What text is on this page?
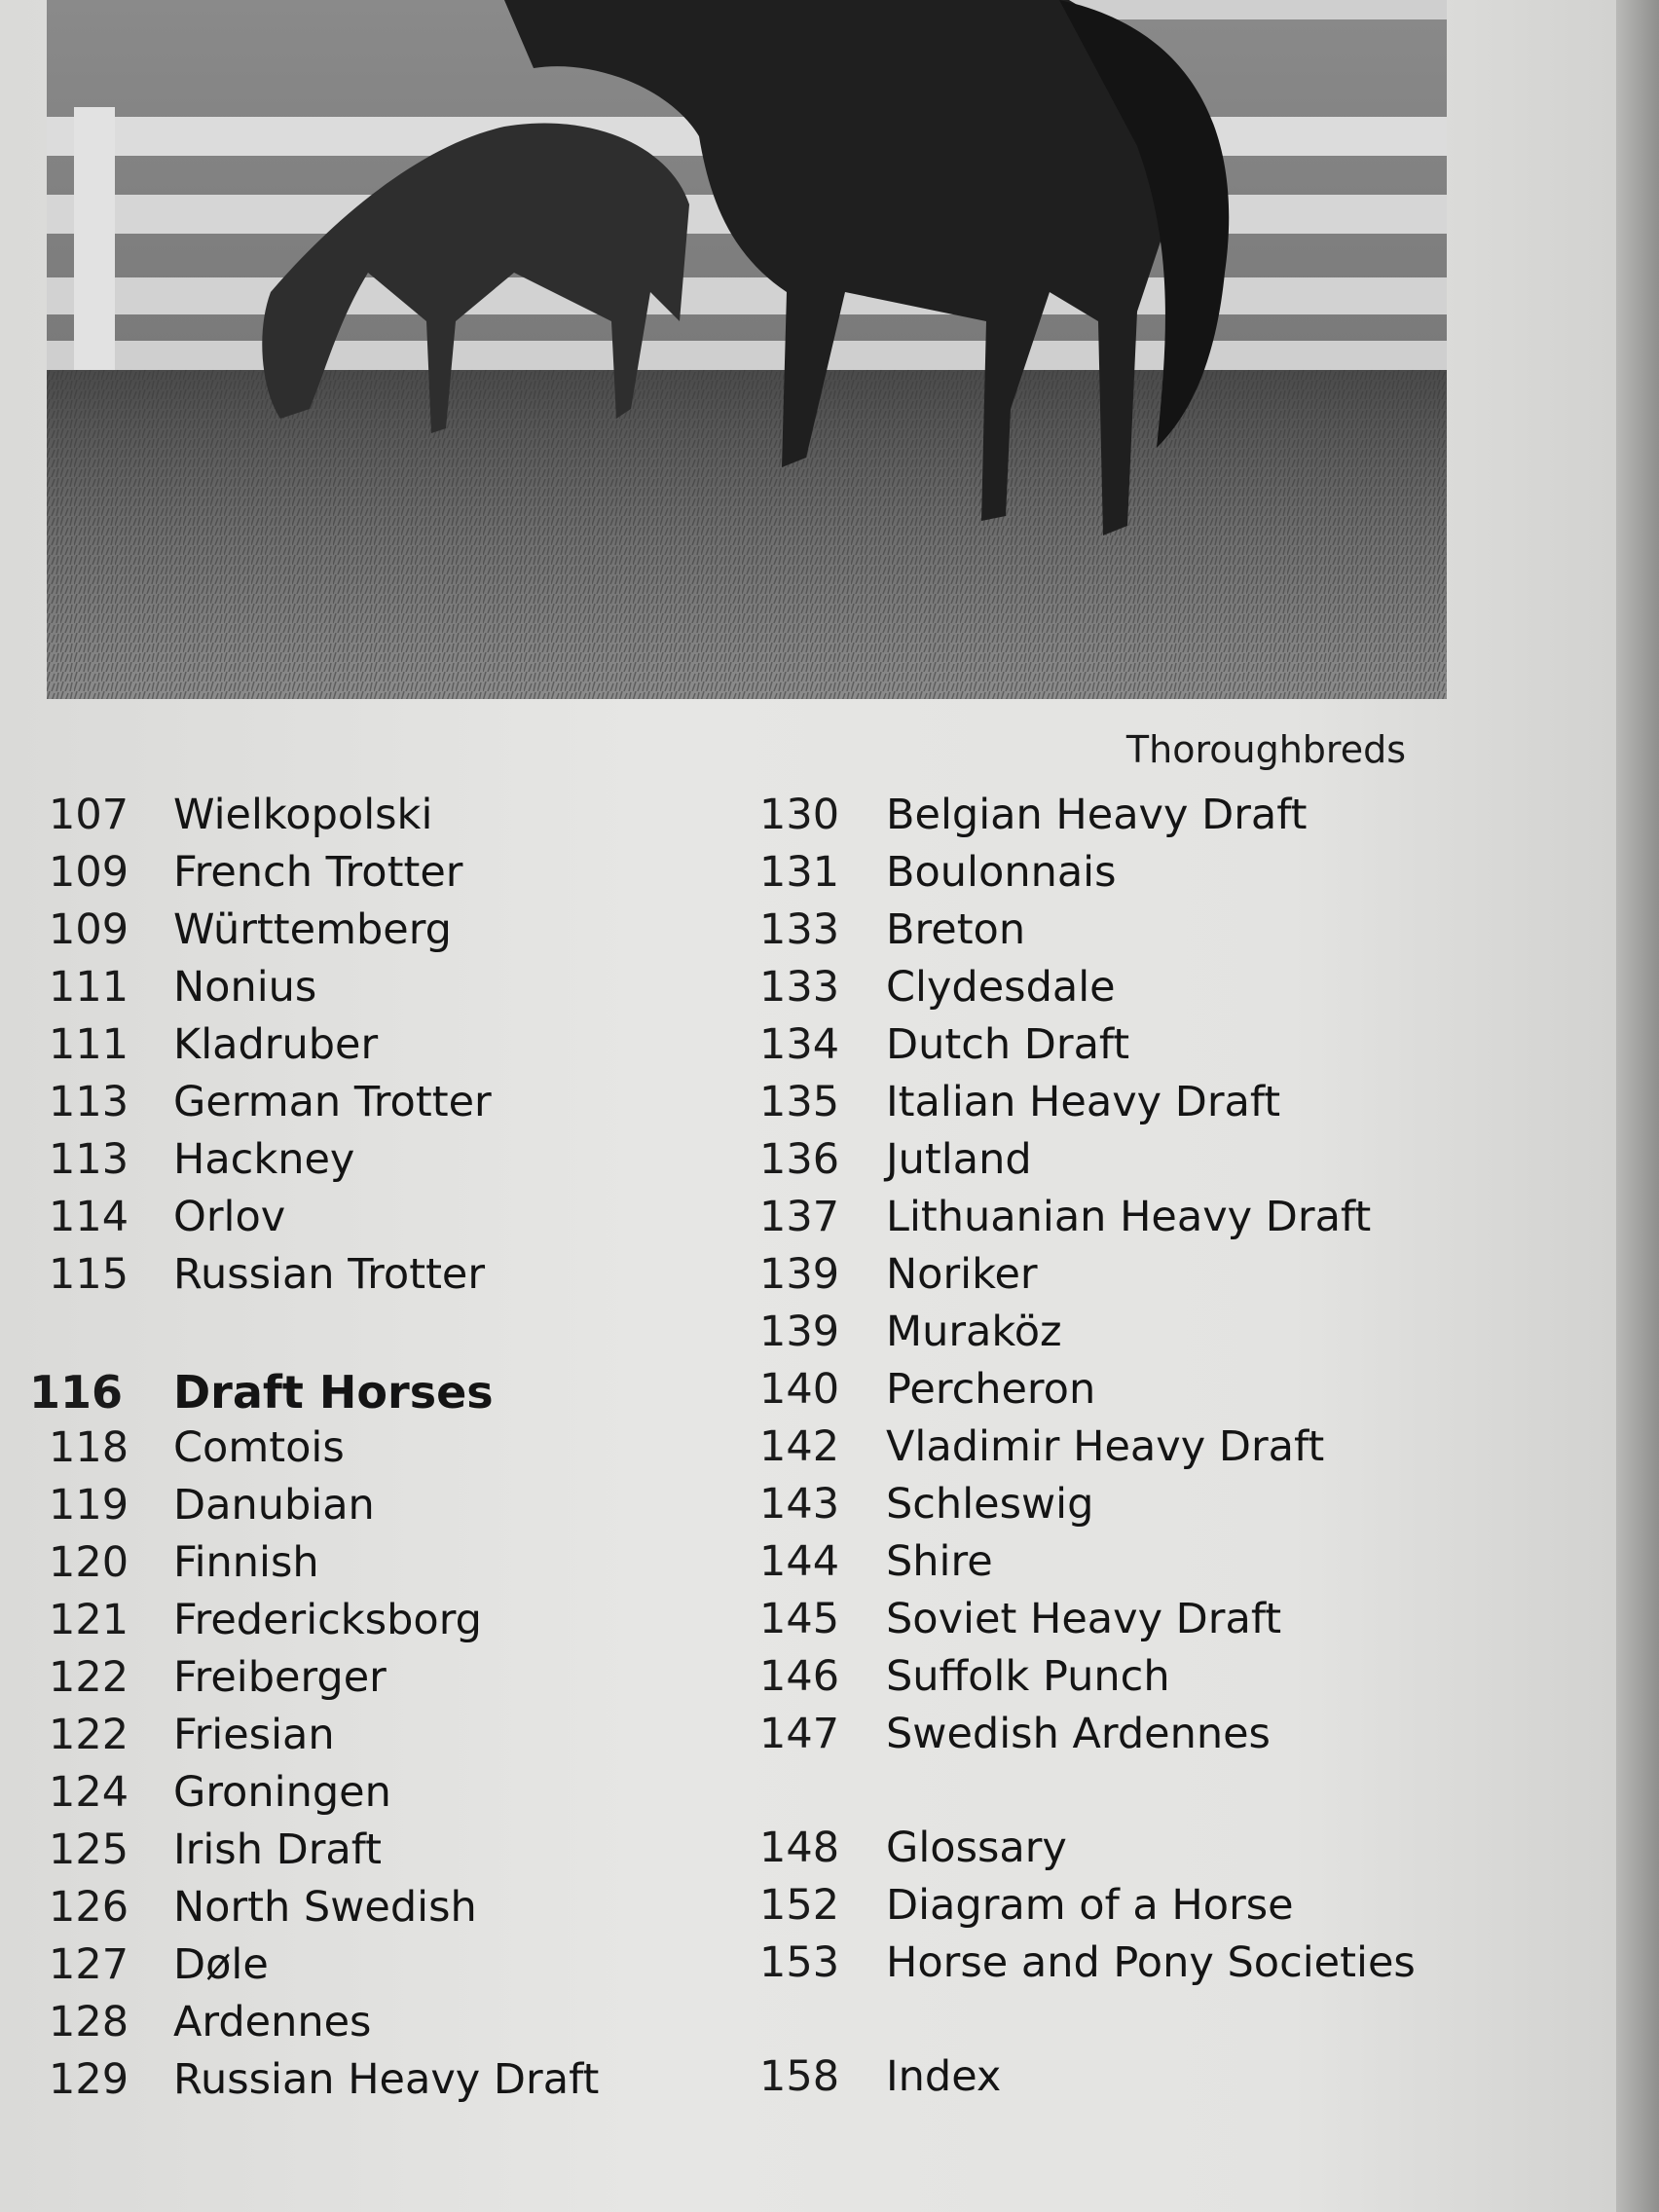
Thoroughbreds
107	Wielkopolski
109	French Trotter
109	Württemberg
111	Nonius
111	Kladruber
113	German Trotter
113	Hackney
114	Orlov
115	Russian Trotter
116	Draft Horses
118	Comtois
119	Danubian
120	Finnish
121	Fredericksborg
122	Freiberger
122	Friesian
124	Groningen
125	Irish Draft
126	North Swedish
127	Døle
128	Ardennes
129	Russian Heavy Draft
130	Belgian Heavy Draft
131	Boulonnais
133	Breton
133	Clydesdale
134	Dutch Draft
135	Italian Heavy Draft
136	Jutland
137	Lithuanian Heavy Draft
139	Noriker
139	Muraköz
140	Percheron
142	Vladimir Heavy Draft
143	Schleswig
144	Shire
145	Soviet Heavy Draft
146	Suffolk Punch
147	Swedish Ardennes
148	Glossary
152	Diagram of a Horse
153	Horse and Pony Societies
158	Index
